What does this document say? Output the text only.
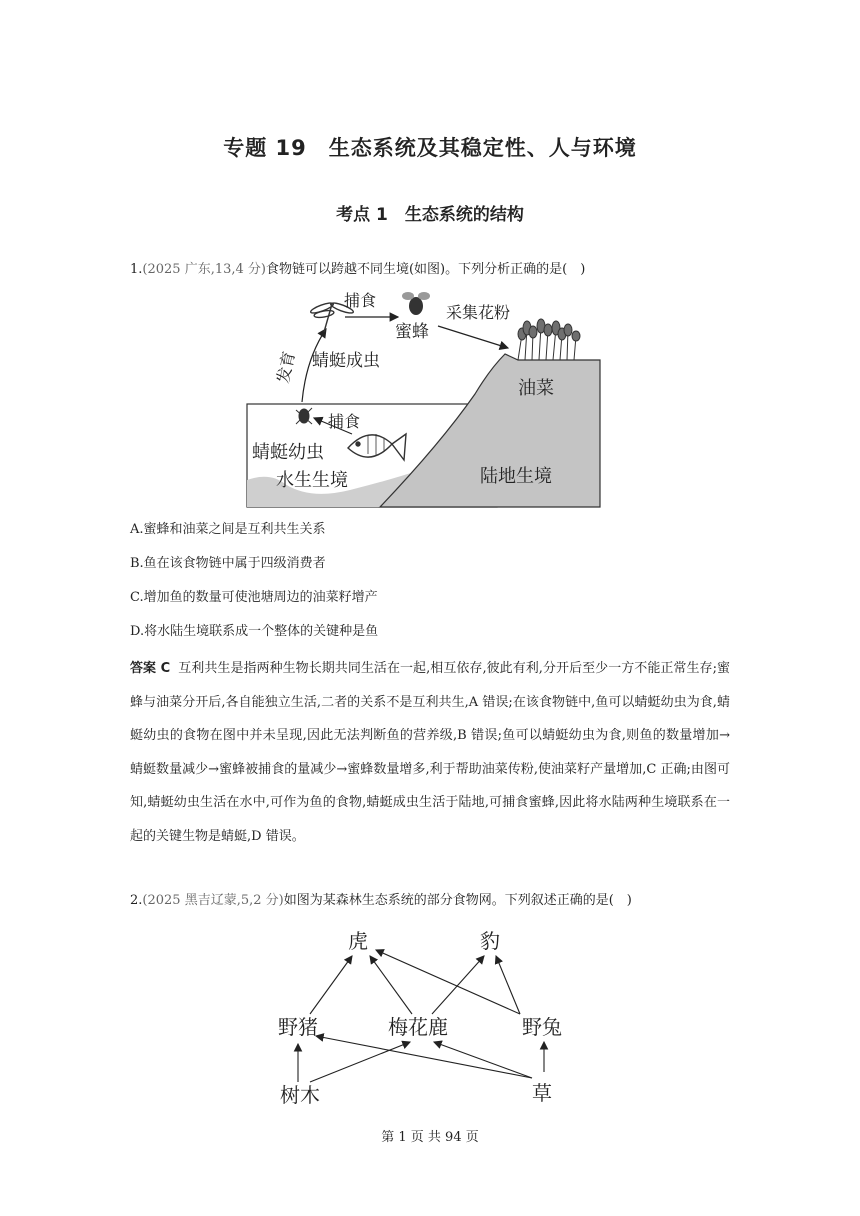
专题 19　生态系统及其稳定性、人与环境
考点 1　生态系统的结构
1.(2025 广东,13,4 分)食物链可以跨越不同生境(如图)。下列分析正确的是(　)
捕食
蜜蜂
采集花粉
蜻蜓成虫
发育
油菜
捕食
蜻蜓幼虫
水生生境	陆地生境
A.蜜蜂和油菜之间是互利共生关系
B.鱼在该食物链中属于四级消费者
C.增加鱼的数量可使池塘周边的油菜籽增产
D.将水陆生境联系成一个整体的关键种是鱼
答案 C 互利共生是指两种生物长期共同生活在一起,相互依存,彼此有利,分开后至少一方不能正常生存;蜜蜂与油菜分开后,各自能独立生活,二者的关系不是互利共生,A 错误;在该食物链中,鱼可以蜻蜓幼虫为食,蜻蜓幼虫的食物在图中并未呈现,因此无法判断鱼的营养级,B 错误;鱼可以蜻蜓幼虫为食,则鱼的数量增加→蜻蜓数量减少→蜜蜂被捕食的量减少→蜜蜂数量增多,利于帮助油菜传粉,使油菜籽产量增加,C 正确;由图可知,蜻蜓幼虫生活在水中,可作为鱼的食物,蜻蜓成虫生活于陆地,可捕食蜜蜂,因此将水陆两种生境联系在一起的关键生物是蜻蜓,D 错误。
2.(2025 黑吉辽蒙,5,2 分)如图为某森林生态系统的部分食物网。下列叙述正确的是(　)
虎	豹
野猪	梅花鹿	野兔
树木	草
第 1 页 共 94 页
